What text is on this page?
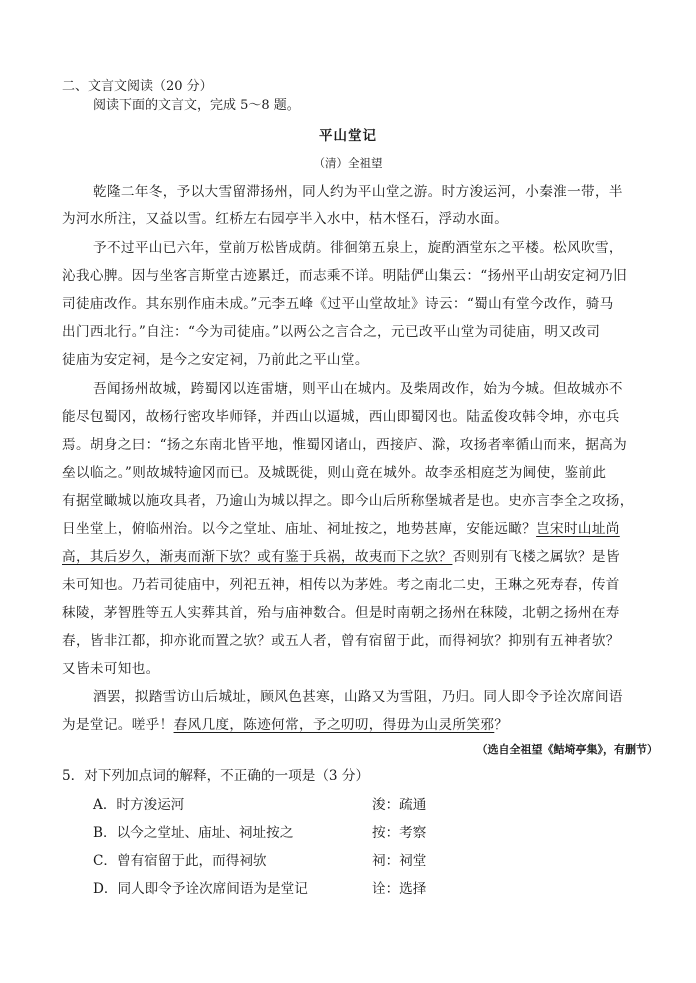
二、文言文阅读（20 分）
阅读下面的文言文，完成 5～8 题。
平山堂记
（清）全祖望
乾隆二年冬，予以大雪留滞扬州，同人约为平山堂之游。时方浚运河，小秦淮一带，半
为河水所注，又益以雪。红桥左右园亭半入水中，枯木怪石，浮动水面。
予不过平山已六年，堂前万松皆成荫。徘徊第五泉上，旋酌酒堂东之平楼。松风吹雪，
沁我心脾。因与坐客言斯堂古迹累迁，而志乘不详。明陆俨山集云：“扬州平山胡安定祠乃旧
司徒庙改作。其东别作庙未成。”元李五峰《过平山堂故址》诗云：“蜀山有堂今改作，骑马
出门西北行。”自注：“今为司徒庙。”以两公之言合之，元已改平山堂为司徒庙，明又改司
徒庙为安定祠，是今之安定祠，乃前此之平山堂。
吾闻扬州故城，跨蜀冈以连雷塘，则平山在城内。及柴周改作，始为今城。但故城亦不
能尽包蜀冈，故杨行密攻毕师铎，并西山以逼城，西山即蜀冈也。陆孟俊攻韩令坤，亦屯兵
焉。胡身之曰：“扬之东南北皆平地，惟蜀冈诸山，西接庐、滁，攻扬者率循山而来，据高为
垒以临之。”则故城特逾冈而已。及城既徙，则山竟在城外。故李丞相庭芝为阃使，鉴前此
有据堂瞰城以施攻具者，乃逾山为城以捍之。即今山后所称堡城者是也。史亦言李全之攻扬，
日坐堂上，俯临州治。以今之堂址、庙址、祠址按之，地势甚庳，安能远瞰？岂宋时山址尚
高，其后岁久，渐夷而渐下欤？或有鉴于兵祸，故夷而下之欤？否则别有飞楼之属欤？是皆
未可知也。乃若司徒庙中，列祀五神，相传以为茅姓。考之南北二史，王琳之死寿春，传首
秣陵，茅智胜等五人实葬其首，殆与庙神数合。但是时南朝之扬州在秣陵，北朝之扬州在寿
春，皆非江都，抑亦讹而置之欤？或五人者，曾有宿留于此，而得祠欤？抑别有五神者欤？
又皆未可知也。
酒罢，拟踏雪访山后城址，顾风色甚寒，山路又为雪阻，乃归。同人即令予诠次席间语
为是堂记。嗟乎！春风几度，陈迹何常，予之叨叨，得毋为山灵所笑邪？
（选自全祖望《鲒埼亭集》，有删节）
5．对下列加点词的解释，不正确的一项是（3 分）
A．时方浚运河	浚：疏通
B．以今之堂址、庙址、祠址按之	按：考察
C．曾有宿留于此，而得祠欤	祠：祠堂
D．同人即令予诠次席间语为是堂记	诠：选择
